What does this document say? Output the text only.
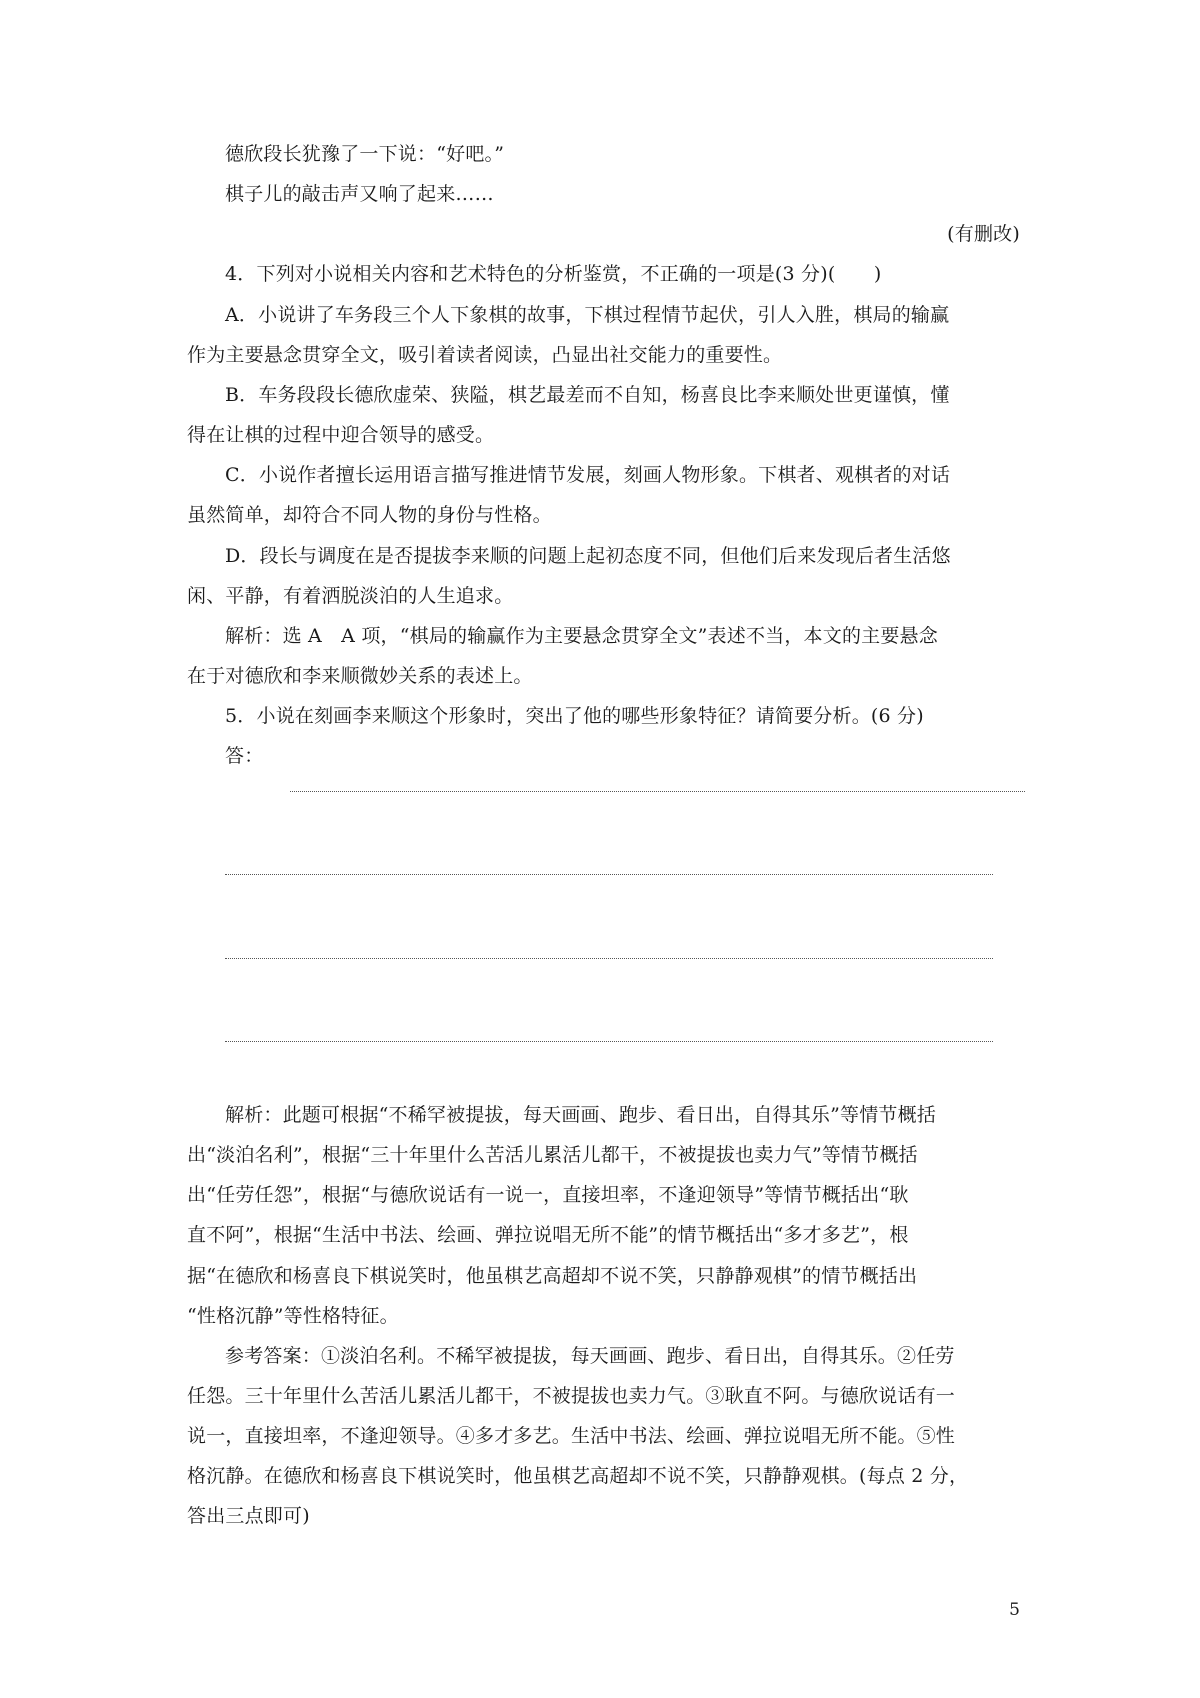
德欣段长犹豫了一下说：“好吧。”
棋子儿的敲击声又响了起来……
(有删改)
4．下列对小说相关内容和艺术特色的分析鉴赏，不正确的一项是(3 分)(　　)
A．小说讲了车务段三个人下象棋的故事，下棋过程情节起伏，引人入胜，棋局的输赢
作为主要悬念贯穿全文，吸引着读者阅读，凸显出社交能力的重要性。
B．车务段段长德欣虚荣、狭隘，棋艺最差而不自知，杨喜良比李来顺处世更谨慎，懂
得在让棋的过程中迎合领导的感受。
C．小说作者擅长运用语言描写推进情节发展，刻画人物形象。下棋者、观棋者的对话
虽然简单，却符合不同人物的身份与性格。
D．段长与调度在是否提拔李来顺的问题上起初态度不同，但他们后来发现后者生活悠
闲、平静，有着洒脱淡泊的人生追求。
解析：选 A　A 项，“棋局的输赢作为主要悬念贯穿全文”表述不当，本文的主要悬念
在于对德欣和李来顺微妙关系的表述上。
5．小说在刻画李来顺这个形象时，突出了他的哪些形象特征？请简要分析。(6 分)
答：
解析：此题可根据“不稀罕被提拔，每天画画、跑步、看日出，自得其乐”等情节概括
出“淡泊名利”，根据“三十年里什么苦活儿累活儿都干，不被提拔也卖力气”等情节概括
出“任劳任怨”，根据“与德欣说话有一说一，直接坦率，不逢迎领导”等情节概括出“耿
直不阿”，根据“生活中书法、绘画、弹拉说唱无所不能”的情节概括出“多才多艺”，根
据“在德欣和杨喜良下棋说笑时，他虽棋艺高超却不说不笑，只静静观棋”的情节概括出
“性格沉静”等性格特征。
参考答案：①淡泊名利。不稀罕被提拔，每天画画、跑步、看日出，自得其乐。②任劳
任怨。三十年里什么苦活儿累活儿都干，不被提拔也卖力气。③耿直不阿。与德欣说话有一
说一，直接坦率，不逢迎领导。④多才多艺。生活中书法、绘画、弹拉说唱无所不能。⑤性
格沉静。在德欣和杨喜良下棋说笑时，他虽棋艺高超却不说不笑，只静静观棋。(每点 2 分，
答出三点即可)
5
